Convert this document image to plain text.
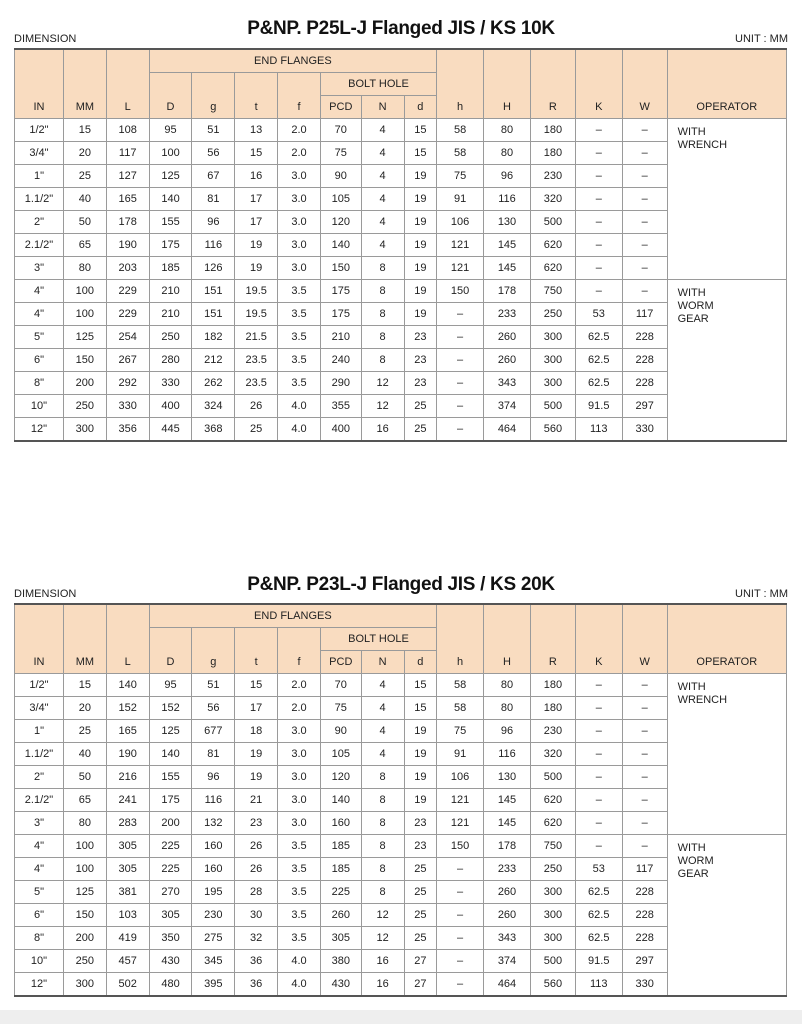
P&NP. P25L-J Flanged JIS / KS 10K
DIMENSION	UNIT : MM
IN	MM	L	END FLANGES							h	H	R	K	W	OPERATOR
			D	g	t	f	BOLT HOLE								
							PCD	N	d						
1/2"	15	108	95	51	13	2.0	70	4	15	58	80	180	–	–	WITH
WRENCH
3/4"	20	117	100	56	15	2.0	75	4	15	58	80	180	–	–	
1"	25	127	125	67	16	3.0	90	4	19	75	96	230	–	–	
1.1/2"	40	165	140	81	17	3.0	105	4	19	91	116	320	–	–	
2"	50	178	155	96	17	3.0	120	4	19	106	130	500	–	–	
2.1/2"	65	190	175	116	19	3.0	140	4	19	121	145	620	–	–	
3"	80	203	185	126	19	3.0	150	8	19	121	145	620	–	–	
4"	100	229	210	151	19.5	3.5	175	8	19	150	178	750	–	–	WITH
WORM
GEAR
4"	100	229	210	151	19.5	3.5	175	8	19	–	233	250	53	117	
5"	125	254	250	182	21.5	3.5	210	8	23	–	260	300	62.5	228	
6"	150	267	280	212	23.5	3.5	240	8	23	–	260	300	62.5	228	
8"	200	292	330	262	23.5	3.5	290	12	23	–	343	300	62.5	228	
10"	250	330	400	324	26	4.0	355	12	25	–	374	500	91.5	297	
12"	300	356	445	368	25	4.0	400	16	25	–	464	560	113	330	
P&NP. P23L-J Flanged JIS / KS 20K
DIMENSION	UNIT : MM
IN	MM	L	END FLANGES							h	H	R	K	W	OPERATOR
			D	g	t	f	BOLT HOLE								
							PCD	N	d						
1/2"	15	140	95	51	15	2.0	70	4	15	58	80	180	–	–	WITH
WRENCH
3/4"	20	152	152	56	17	2.0	75	4	15	58	80	180	–	–	
1"	25	165	125	677	18	3.0	90	4	19	75	96	230	–	–	
1.1/2"	40	190	140	81	19	3.0	105	4	19	91	116	320	–	–	
2"	50	216	155	96	19	3.0	120	8	19	106	130	500	–	–	
2.1/2"	65	241	175	116	21	3.0	140	8	19	121	145	620	–	–	
3"	80	283	200	132	23	3.0	160	8	23	121	145	620	–	–	
4"	100	305	225	160	26	3.5	185	8	23	150	178	750	–	–	WITH
WORM
GEAR
4"	100	305	225	160	26	3.5	185	8	25	–	233	250	53	117	
5"	125	381	270	195	28	3.5	225	8	25	–	260	300	62.5	228	
6"	150	103	305	230	30	3.5	260	12	25	–	260	300	62.5	228	
8"	200	419	350	275	32	3.5	305	12	25	–	343	300	62.5	228	
10"	250	457	430	345	36	4.0	380	16	27	–	374	500	91.5	297	
12"	300	502	480	395	36	4.0	430	16	27	–	464	560	113	330	
